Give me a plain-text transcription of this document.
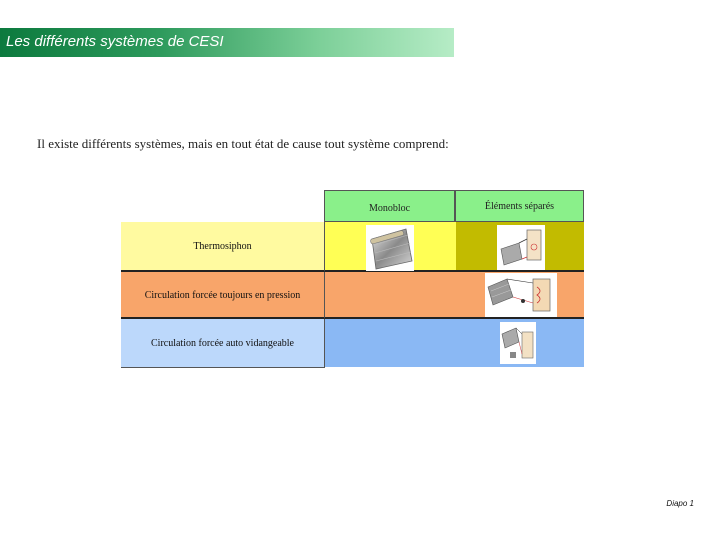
Les différents systèmes de CESI
Il existe différents systèmes, mais en tout état de cause tout système comprend:
Monobloc	Éléments séparés
Thermosiphon
Circulation forcée toujours en pression
Circulation forcée auto vidangeable
Diapo 1
